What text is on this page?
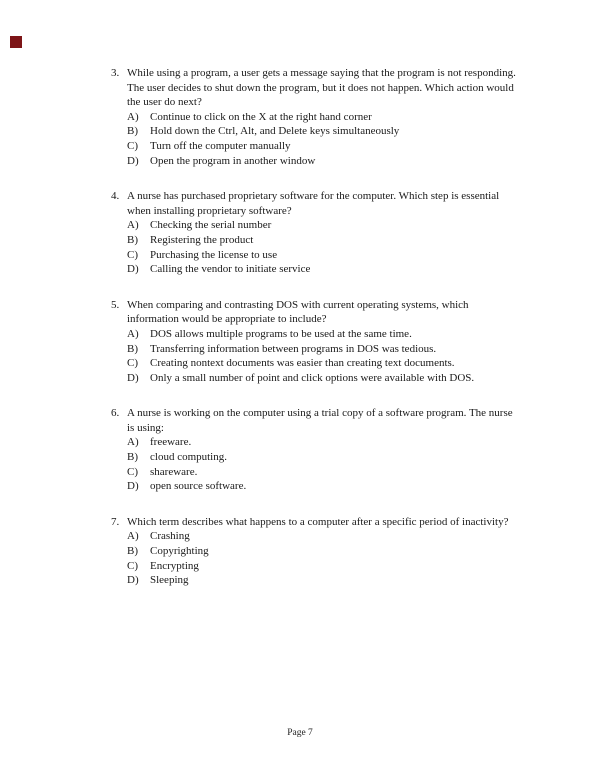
3. While using a program, a user gets a message saying that the program is not responding.
The user decides to shut down the program, but it does not happen. Which action would
the user do next?
A)	Continue to click on the X at the right hand corner
B)	Hold down the Ctrl, Alt, and Delete keys simultaneously
C)	Turn off the computer manually
D)	Open the program in another window
4. A nurse has purchased proprietary software for the computer. Which step is essential
when installing proprietary software?
A)	Checking the serial number
B)	Registering the product
C)	Purchasing the license to use
D)	Calling the vendor to initiate service
5. When comparing and contrasting DOS with current operating systems, which
information would be appropriate to include?
A)	DOS allows multiple programs to be used at the same time.
B)	Transferring information between programs in DOS was tedious.
C)	Creating nontext documents was easier than creating text documents.
D)	Only a small number of point and click options were available with DOS.
6. A nurse is working on the computer using a trial copy of a software program. The nurse
is using:
A)	freeware.
B)	cloud computing.
C)	shareware.
D)	open source software.
7. Which term describes what happens to a computer after a specific period of inactivity?
A)	Crashing
B)	Copyrighting
C)	Encrypting
D)	Sleeping
Page 7
